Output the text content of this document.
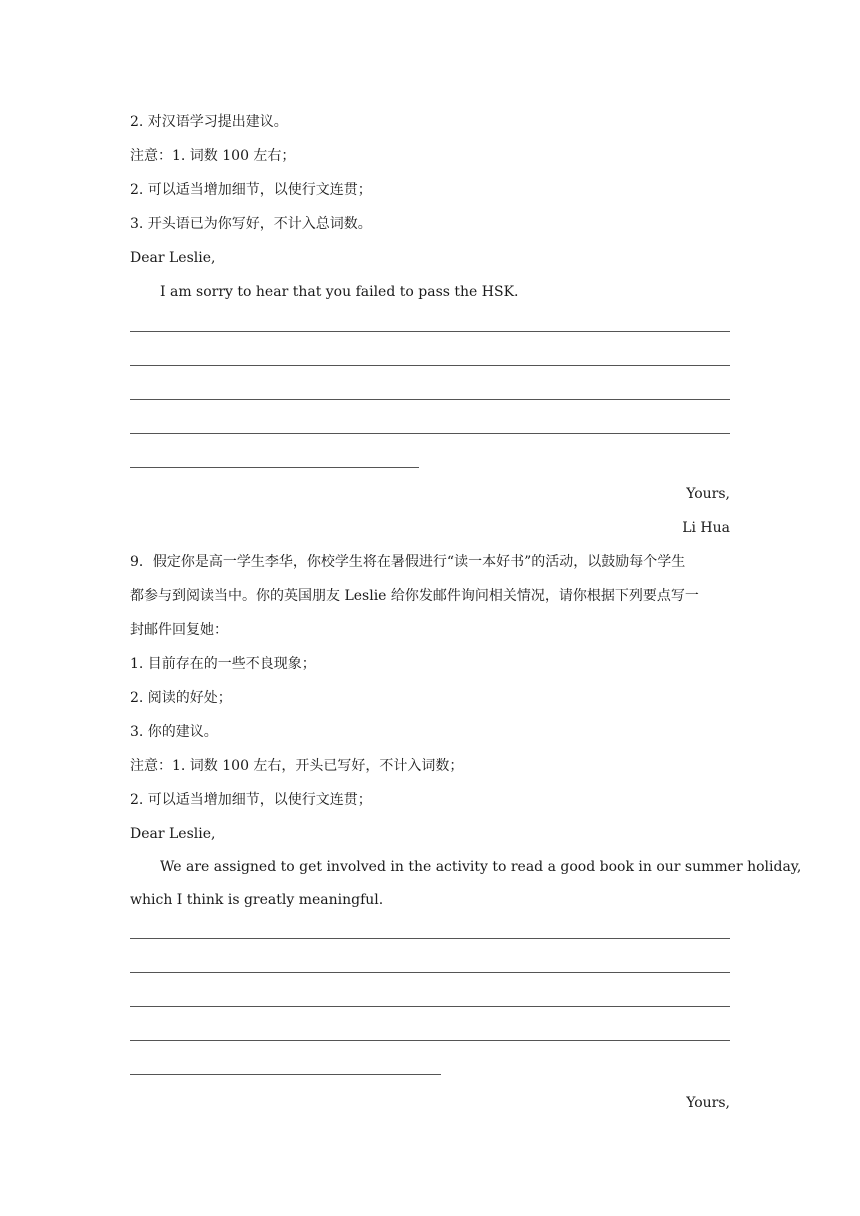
2. 对汉语学习提出建议。
注意：1. 词数 100 左右；
2. 可以适当增加细节，以使行文连贯；
3. 开头语已为你写好，不计入总词数。
Dear Leslie,
I am sorry to hear that you failed to pass the HSK.
Yours,
Li Hua
9．假定你是高一学生李华，你校学生将在暑假进行“读一本好书”的活动，以鼓励每个学生
都参与到阅读当中。你的英国朋友 Leslie 给你发邮件询问相关情况，请你根据下列要点写一
封邮件回复她：
1. 目前存在的一些不良现象；
2. 阅读的好处；
3. 你的建议。
注意：1. 词数 100 左右，开头已写好，不计入词数；
2. 可以适当增加细节，以使行文连贯；
Dear Leslie,
We are assigned to get involved in the activity to read a good book in our summer holiday,
which I think is greatly meaningful.
Yours,
